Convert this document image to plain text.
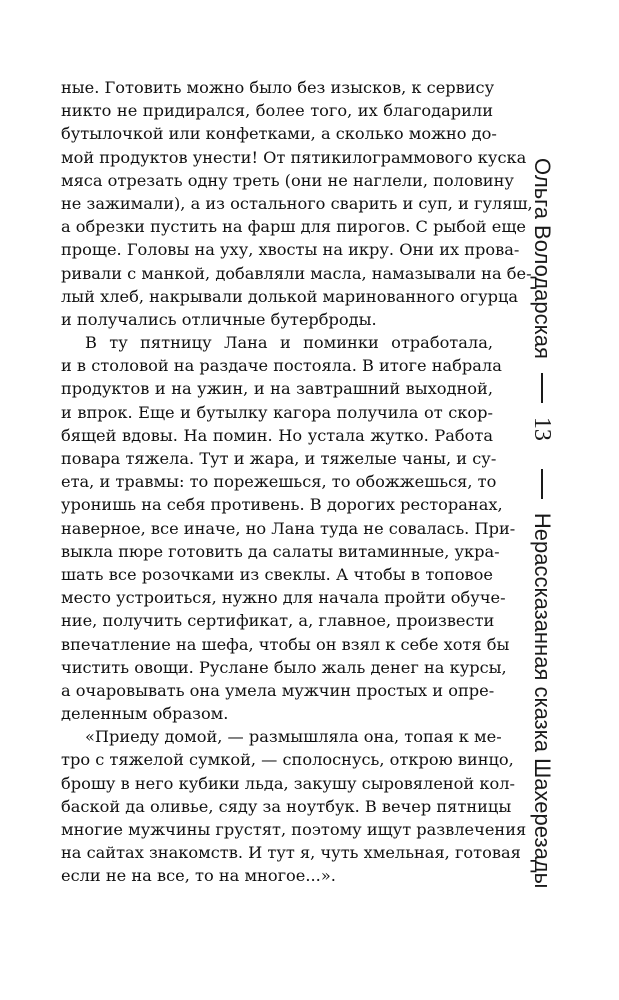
ные. Готовить можно было без изысков, к сервису
никто не придирался, более того, их благодарили
бутылочкой или конфетками, а сколько можно до-
мой продуктов унести! От пятикилограммового куска
мяса отрезать одну треть (они не наглели, половину
не зажимали), а из остального сварить и суп, и гуляш,
а обрезки пустить на фарш для пирогов. С рыбой еще
проще. Головы на уху, хвосты на икру. Они их прова-
ривали с манкой, добавляли масла, намазывали на бе-
лый хлеб, накрывали долькой маринованного огурца
и получались отличные бутерброды.
В ту пятницу Лана и поминки отработала,
и в столовой на раздаче постояла. В итоге набрала
продуктов и на ужин, и на завтрашний выходной,
и впрок. Еще и бутылку кагора получила от скор-
бящей вдовы. На помин. Но устала жутко. Работа
повара тяжела. Тут и жара, и тяжелые чаны, и су-
ета, и травмы: то порежешься, то обожжешься, то
уронишь на себя противень. В дорогих ресторанах,
наверное, все иначе, но Лана туда не совалась. При-
выкла пюре готовить да салаты витаминные, укра-
шать все розочками из свеклы. А чтобы в топовое
место устроиться, нужно для начала пройти обуче-
ние, получить сертификат, а, главное, произвести
впечатление на шефа, чтобы он взял к себе хотя бы
чистить овощи. Руслане было жаль денег на курсы,
а очаровывать она умела мужчин простых и опре-
деленным образом.
«Приеду домой, — размышляла она, топая к ме-
тро с тяжелой сумкой, — сполоснусь, открою винцо,
брошу в него кубики льда, закушу сыровяленой кол-
баской да оливье, сяду за ноутбук. В вечер пятницы
многие мужчины грустят, поэтому ищут развлечения
на сайтах знакомств. И тут я, чуть хмельная, готовая
если не на все, то на многое...».
Ольга Володарская
13
Нерассказанная сказка Шахерезады
